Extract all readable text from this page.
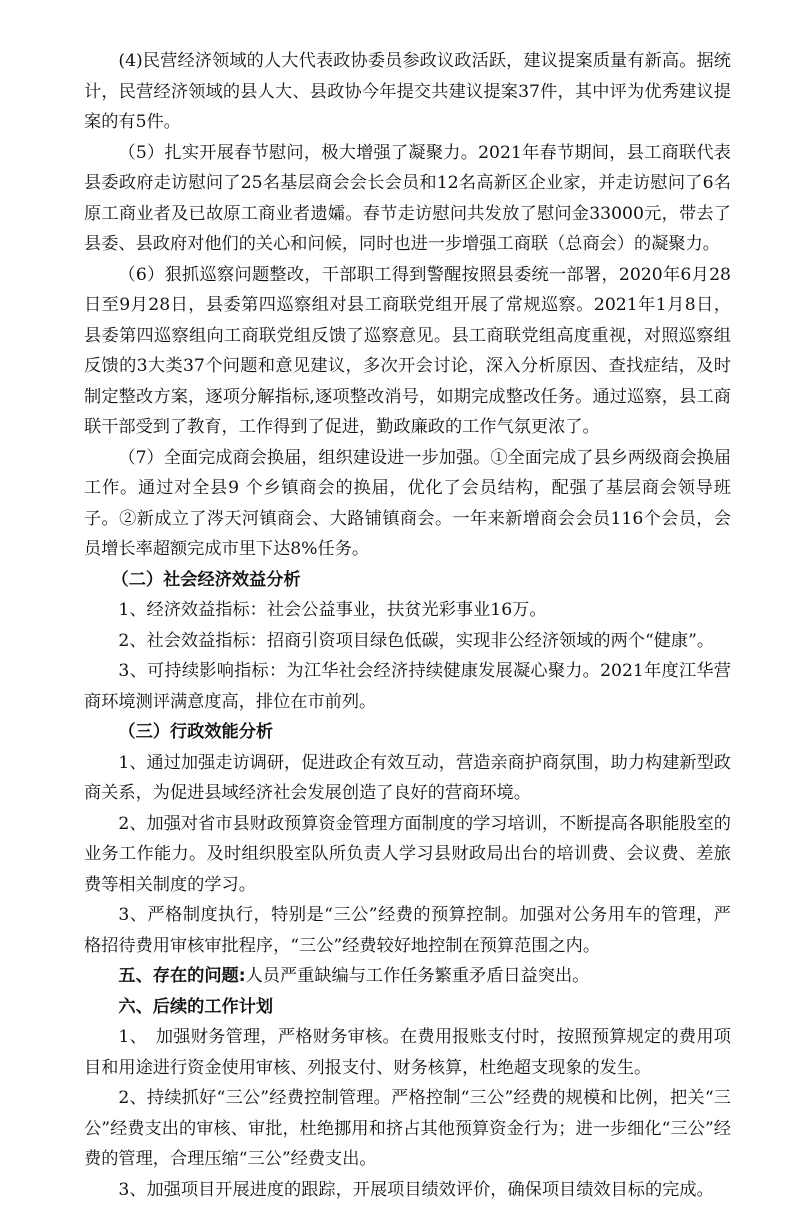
(4)民营经济领域的人大代表政协委员参政议政活跃，建议提案质量有新高。据统计，民营经济领域的县人大、县政协今年提交共建议提案37件，其中评为优秀建议提案的有5件。

（5）扎实开展春节慰问，极大增强了凝聚力。2021年春节期间，县工商联代表县委政府走访慰问了25名基层商会会长会员和12名高新区企业家，并走访慰问了6名原工商业者及已故原工商业者遗孀。春节走访慰问共发放了慰问金33000元，带去了县委、县政府对他们的关心和问候，同时也进一步增强工商联（总商会）的凝聚力。

（6）狠抓巡察问题整改，干部职工得到警醒按照县委统一部署，2020年6月28日至9月28日，县委第四巡察组对县工商联党组开展了常规巡察。2021年1月8日，县委第四巡察组向工商联党组反馈了巡察意见。县工商联党组高度重视，对照巡察组反馈的3大类37个问题和意见建议，多次开会讨论，深入分析原因、查找症结，及时制定整改方案，逐项分解指标,逐项整改消号，如期完成整改任务。通过巡察，县工商联干部受到了教育，工作得到了促进，勤政廉政的工作气氛更浓了。

（7）全面完成商会换届，组织建设进一步加强。①全面完成了县乡两级商会换届工作。通过对全县9 个乡镇商会的换届，优化了会员结构，配强了基层商会领导班子。②新成立了涔天河镇商会、大路铺镇商会。一年来新增商会会员116个会员，会员增长率超额完成市里下达8%任务。

（二）社会经济效益分析

1、经济效益指标：社会公益事业，扶贫光彩事业16万。

2、社会效益指标：招商引资项目绿色低碳，实现非公经济领域的两个“健康”。

3、可持续影响指标：为江华社会经济持续健康发展凝心聚力。2021年度江华营商环境测评满意度高，排位在市前列。

（三）行政效能分析

1、通过加强走访调研，促进政企有效互动，营造亲商护商氛围，助力构建新型政商关系，为促进县域经济社会发展创造了良好的营商环境。

2、加强对省市县财政预算资金管理方面制度的学习培训，不断提高各职能股室的业务工作能力。及时组织股室队所负责人学习县财政局出台的培训费、会议费、差旅费等相关制度的学习。

3、严格制度执行，特别是“三公”经费的预算控制。加强对公务用车的管理，严格招待费用审核审批程序，“三公”经费较好地控制在预算范围之内。

五、存在的问题:人员严重缺编与工作任务繁重矛盾日益突出。

六、后续的工作计划

1、　加强财务管理，严格财务审核。在费用报账支付时，按照预算规定的费用项目和用途进行资金使用审核、列报支付、财务核算，杜绝超支现象的发生。

2、持续抓好“三公”经费控制管理。严格控制“三公”经费的规模和比例，把关“三公”经费支出的审核、审批，杜绝挪用和挤占其他预算资金行为；进一步细化“三公”经费的管理，合理压缩“三公”经费支出。

3、加强项目开展进度的跟踪，开展项目绩效评价，确保项目绩效目标的完成。
